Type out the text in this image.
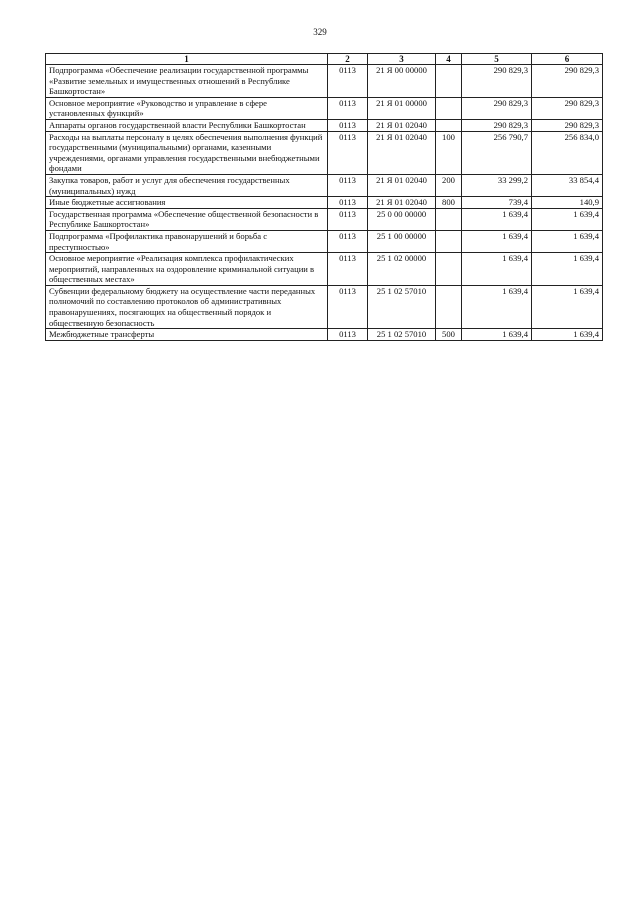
329
1	2	3	4	5	6
Подпрограмма «Обеспечение реализации государственной программы «Развитие земельных и имущественных отношений в Республике Башкортостан»	0113	21 Я 00 00000		290 829,3	290 829,3
Основное мероприятие «Руководство и управление в сфере установленных функций»	0113	21 Я 01 00000		290 829,3	290 829,3
Аппараты органов государственной власти Республики Башкортостан	0113	21 Я 01 02040		290 829,3	290 829,3
Расходы на выплаты персоналу в целях обеспечения выполнения функций государственными (муниципальными) органами, казенными учреждениями, органами управления государственными внебюджетными фондами	0113	21 Я 01 02040	100	256 790,7	256 834,0
Закупка товаров, работ и услуг для обеспечения государственных (муниципальных) нужд	0113	21 Я 01 02040	200	33 299,2	33 854,4
Иные бюджетные ассигнования	0113	21 Я 01 02040	800	739,4	140,9
Государственная программа «Обеспечение общественной безопасности в Республике Башкортостан»	0113	25 0 00 00000		1 639,4	1 639,4
Подпрограмма «Профилактика правонарушений и борьба с преступностью»	0113	25 1 00 00000		1 639,4	1 639,4
Основное мероприятие «Реализация комплекса профилактических мероприятий, направленных на оздоровление криминальной ситуации в общественных местах»	0113	25 1 02 00000		1 639,4	1 639,4
Субвенции федеральному бюджету на осуществление части переданных полномочий по составлению протоколов об административных правонарушениях, посягающих на общественный порядок и общественную безопасность	0113	25 1 02 57010		1 639,4	1 639,4
Межбюджетные трансферты	0113	25 1 02 57010	500	1 639,4	1 639,4
